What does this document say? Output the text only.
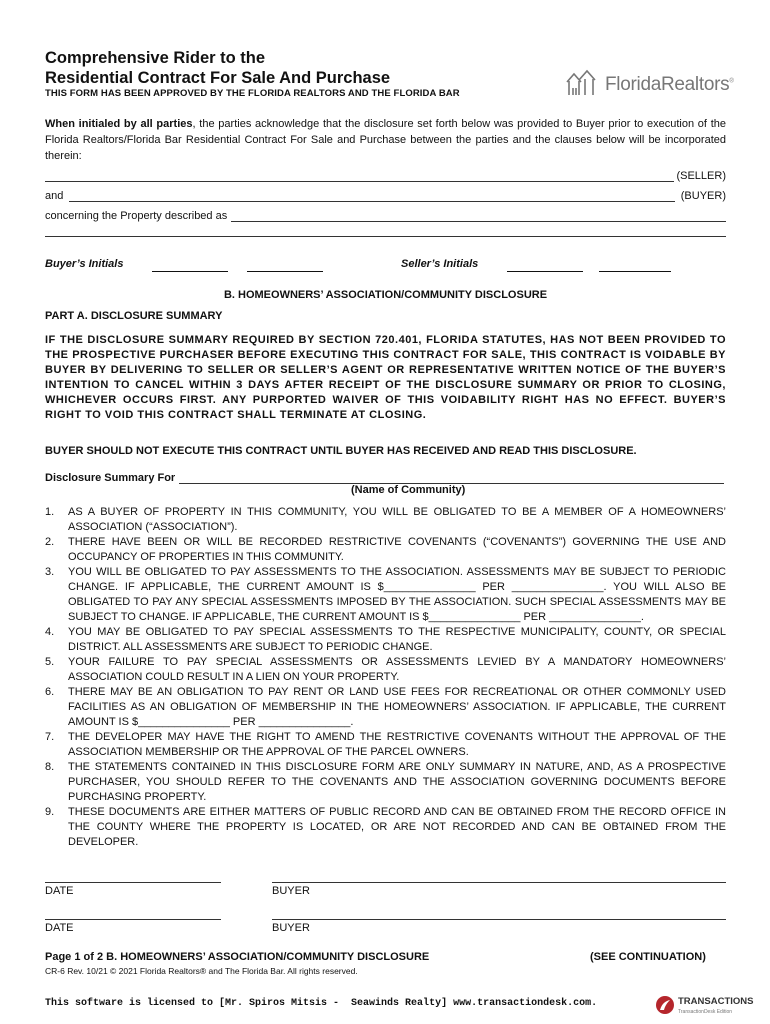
Comprehensive Rider to the
Residential Contract For Sale And Purchase
THIS FORM HAS BEEN APPROVED BY THE FLORIDA REALTORS AND THE FLORIDA BAR	FloridaRealtors®
When initialed by all parties, the parties acknowledge that the disclosure set forth below was provided to Buyer prior to execution of the Florida Realtors/Florida Bar Residential Contract For Sale and Purchase between the parties and the clauses below will be incorporated therein:
(SELLER)
and	(BUYER)
concerning the Property described as
Buyer’s Initials	Seller’s Initials
B. HOMEOWNERS’ ASSOCIATION/COMMUNITY DISCLOSURE
PART A. DISCLOSURE SUMMARY
IF THE DISCLOSURE SUMMARY REQUIRED BY SECTION 720.401, FLORIDA STATUTES, HAS NOT BEEN PROVIDED TO THE PROSPECTIVE PURCHASER BEFORE EXECUTING THIS CONTRACT FOR SALE, THIS CONTRACT IS VOIDABLE BY BUYER BY DELIVERING TO SELLER OR SELLER’S AGENT OR REPRESENTATIVE WRITTEN NOTICE OF THE BUYER’S INTENTION TO CANCEL WITHIN 3 DAYS AFTER RECEIPT OF THE DISCLOSURE SUMMARY OR PRIOR TO CLOSING, WHICHEVER OCCURS FIRST. ANY PURPORTED WAIVER OF THIS VOIDABILITY RIGHT HAS NO EFFECT. BUYER’S RIGHT TO VOID THIS CONTRACT SHALL TERMINATE AT CLOSING.
BUYER SHOULD NOT EXECUTE THIS CONTRACT UNTIL BUYER HAS RECEIVED AND READ THIS DISCLOSURE.
Disclosure Summary For
(Name of Community)
1. AS A BUYER OF PROPERTY IN THIS COMMUNITY, YOU WILL BE OBLIGATED TO BE A MEMBER OF A HOMEOWNERS’ ASSOCIATION (“ASSOCIATION”).
2. THERE HAVE BEEN OR WILL BE RECORDED RESTRICTIVE COVENANTS (“COVENANTS”) GOVERNING THE USE AND OCCUPANCY OF PROPERTIES IN THIS COMMUNITY.
3. YOU WILL BE OBLIGATED TO PAY ASSESSMENTS TO THE ASSOCIATION. ASSESSMENTS MAY BE SUBJECT TO PERIODIC CHANGE. IF APPLICABLE, THE CURRENT AMOUNT IS $_______________ PER _______________. YOU WILL ALSO BE OBLIGATED TO PAY ANY SPECIAL ASSESSMENTS IMPOSED BY THE ASSOCIATION. SUCH SPECIAL ASSESSMENTS MAY BE SUBJECT TO CHANGE. IF APPLICABLE, THE CURRENT AMOUNT IS $_______________ PER _______________.
4. YOU MAY BE OBLIGATED TO PAY SPECIAL ASSESSMENTS TO THE RESPECTIVE MUNICIPALITY, COUNTY, OR SPECIAL DISTRICT. ALL ASSESSMENTS ARE SUBJECT TO PERIODIC CHANGE.
5. YOUR FAILURE TO PAY SPECIAL ASSESSMENTS OR ASSESSMENTS LEVIED BY A MANDATORY HOMEOWNERS’ ASSOCIATION COULD RESULT IN A LIEN ON YOUR PROPERTY.
6. THERE MAY BE AN OBLIGATION TO PAY RENT OR LAND USE FEES FOR RECREATIONAL OR OTHER COMMONLY USED FACILITIES AS AN OBLIGATION OF MEMBERSHIP IN THE HOMEOWNERS’ ASSOCIATION. IF APPLICABLE, THE CURRENT AMOUNT IS $_______________ PER _______________.
7. THE DEVELOPER MAY HAVE THE RIGHT TO AMEND THE RESTRICTIVE COVENANTS WITHOUT THE APPROVAL OF THE ASSOCIATION MEMBERSHIP OR THE APPROVAL OF THE PARCEL OWNERS.
8. THE STATEMENTS CONTAINED IN THIS DISCLOSURE FORM ARE ONLY SUMMARY IN NATURE, AND, AS A PROSPECTIVE PURCHASER, YOU SHOULD REFER TO THE COVENANTS AND THE ASSOCIATION GOVERNING DOCUMENTS BEFORE PURCHASING PROPERTY.
9. THESE DOCUMENTS ARE EITHER MATTERS OF PUBLIC RECORD AND CAN BE OBTAINED FROM THE RECORD OFFICE IN THE COUNTY WHERE THE PROPERTY IS LOCATED, OR ARE NOT RECORDED AND CAN BE OBTAINED FROM THE DEVELOPER.
DATE	BUYER
DATE	BUYER
Page 1 of 2 B. HOMEOWNERS’ ASSOCIATION/COMMUNITY DISCLOSURE	(SEE CONTINUATION)
CR-6 Rev. 10/21 © 2021 Florida Realtors® and The Florida Bar. All rights reserved.
This software is licensed to [Mr. Spiros Mitsis -  Seawinds Realty] www.transactiondesk.com.	TRANSACTIONS
TransactionDesk Edition
